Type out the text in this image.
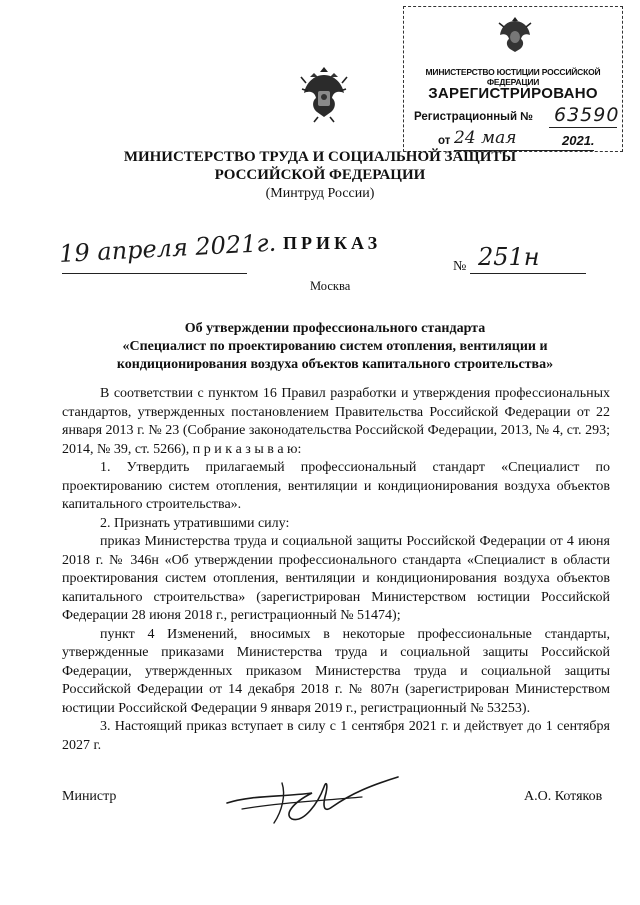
МИНИСТЕРСТВО ЮСТИЦИИ РОССИЙСКОЙ ФЕДЕРАЦИИ
ЗАРЕГИСТРИРОВАНО
Регистрационный № 63590
от 24 мая	2021.
МИНИСТЕРСТВО ТРУДА И СОЦИАЛЬНОЙ ЗАЩИТЫ
РОССИЙСКОЙ ФЕДЕРАЦИИ
(Минтруд России)
19 апреля 2021г. ПРИКАЗ
Москва
№ 251н
Об утверждении профессионального стандарта
«Специалист по проектированию систем отопления, вентиляции и
кондиционирования воздуха объектов капитального строительства»

В соответствии с пунктом 16 Правил разработки и утверждения профессиональных стандартов, утвержденных постановлением Правительства Российской Федерации от 22 января 2013 г. № 23 (Собрание законодательства Российской Федерации, 2013, № 4, ст. 293; 2014, № 39, ст. 5266), п р и к а з ы в а ю:

1. Утвердить прилагаемый профессиональный стандарт «Специалист по проектированию систем отопления, вентиляции и кондиционирования воздуха объектов капитального строительства».

2. Признать утратившими силу:

приказ Министерства труда и социальной защиты Российской Федерации от 4 июня 2018 г. № 346н «Об утверждении профессионального стандарта «Специалист в области проектирования систем отопления, вентиляции и кондиционирования воздуха объектов капитального строительства» (зарегистрирован Министерством юстиции Российской Федерации 28 июня 2018 г., регистрационный № 51474);

пункт 4 Изменений, вносимых в некоторые профессиональные стандарты, утвержденные приказами Министерства труда и социальной защиты Российской Федерации, утвержденных приказом Министерства труда и социальной защиты Российской Федерации от 14 декабря 2018 г. № 807н (зарегистрирован Министерством юстиции Российской Федерации 9 января 2019 г., регистрационный № 53253).

3. Настоящий приказ вступает в силу с 1 сентября 2021 г. и действует до 1 сентября 2027 г.

Министр	А.О. Котяков
